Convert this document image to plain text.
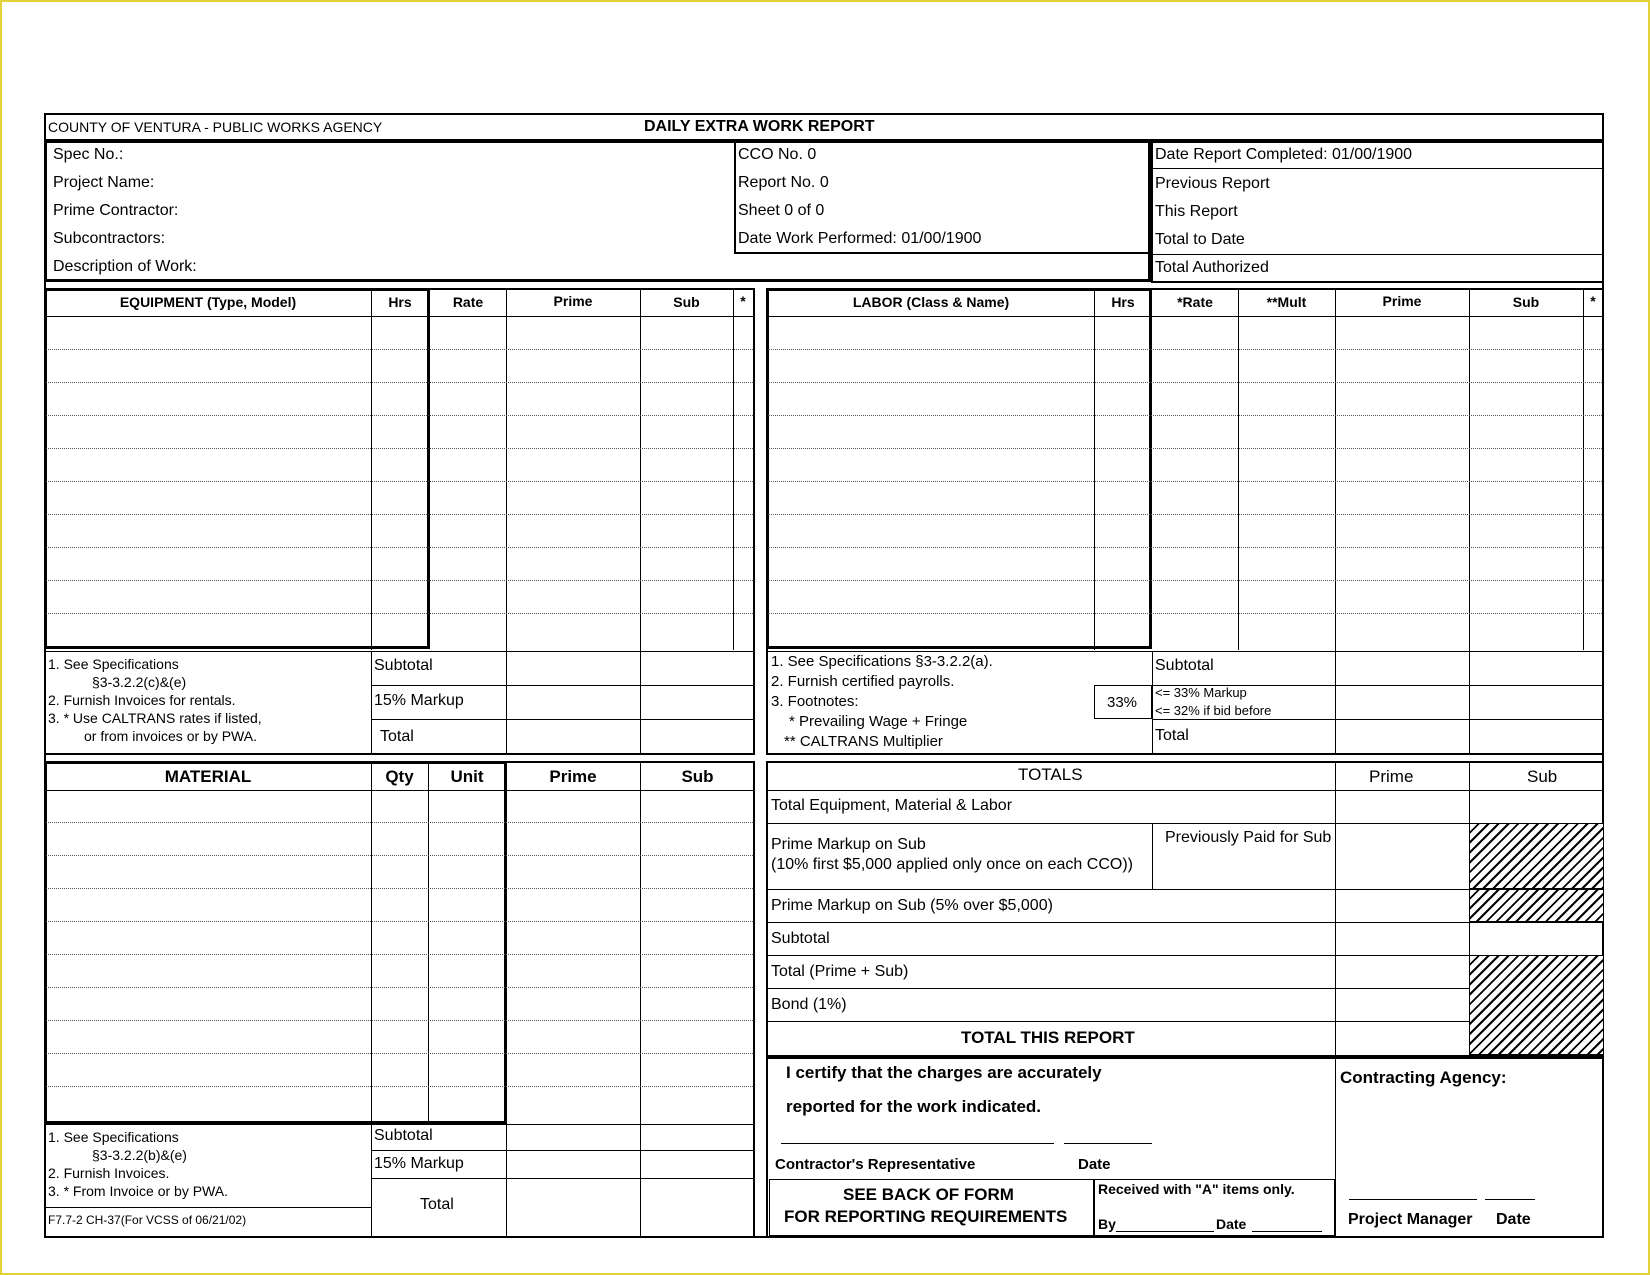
COUNTY OF VENTURA - PUBLIC WORKS AGENCY	DAILY EXTRA WORK REPORT
Spec No.:
Project Name:
Prime Contractor:
Subcontractors:
Description of Work:
CCO No. 0
Report No. 0
Sheet 0 of 0
Date Work Performed: 01/00/1900
Date Report Completed: 01/00/1900
Previous Report
This Report
Total to Date
Total Authorized
EQUIPMENT (Type, Model)	Hrs	Rate	Prime	Sub	*
1. See Specifications
§3-3.2.2(c)&(e)
2. Furnish Invoices for rentals.
3. * Use CALTRANS rates if listed,
or from invoices or by PWA.
Subtotal
15% Markup
Total
LABOR (Class & Name)	Hrs	*Rate	**Mult	Prime	Sub	*
1. See Specifications §3-3.2.2(a).
2. Furnish certified payrolls.
3. Footnotes:
* Prevailing Wage + Fringe
** CALTRANS Multiplier
33%
Subtotal
<= 33% Markup
<= 32% if bid before
Total
MATERIAL	Qty	Unit	Prime	Sub
1. See Specifications
§3-3.2.2(b)&(e)
2. Furnish Invoices.
3. * From Invoice or by PWA.
F7.7-2 CH-37(For VCSS of 06/21/02)
Subtotal
15% Markup
Total
TOTALS	Prime	Sub
Total Equipment, Material & Labor
Prime Markup on Sub
(10% first $5,000 applied only once on each CCO))
Previously Paid for Sub
Prime Markup on Sub (5% over $5,000)
Subtotal
Total (Prime + Sub)
Bond (1%)
TOTAL THIS REPORT
I certify that the charges are accurately
reported for the work indicated.
Contractor's Representative	Date
SEE BACK OF FORM
FOR REPORTING REQUIREMENTS
Received with "A" items only.
By	Date
Contracting Agency:
Project Manager Date
